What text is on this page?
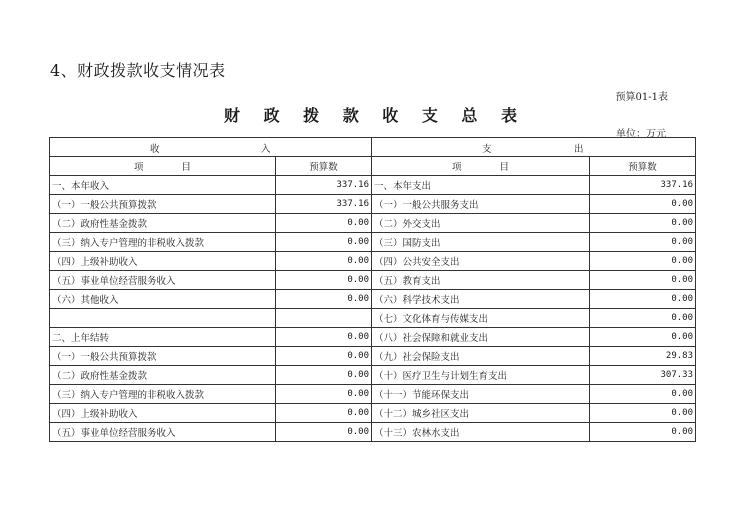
4、财政拨款收支情况表
预算01-1表
财 政 拨 款 收 支 总 表
单位：万元
收 入		支 出	

项　　　　目	预算数	项　　　　目	预算数
一、本年收入	337.16	一、本年支出	337.16
（一）一般公共预算拨款	337.16	（一）一般公共服务支出	0.00
（二）政府性基金拨款	0.00	（二）外交支出	0.00
（三）纳入专户管理的非税收入拨款	0.00	（三）国防支出	0.00
（四）上级补助收入	0.00	（四）公共安全支出	0.00
（五）事业单位经营服务收入	0.00	（五）教育支出	0.00
（六）其他收入	0.00	（六）科学技术支出	0.00
		（七）文化体育与传媒支出	0.00
二、上年结转	0.00	（八）社会保障和就业支出	0.00
（一）一般公共预算拨款	0.00	（九）社会保险支出	29.83
（二）政府性基金拨款	0.00	（十）医疗卫生与计划生育支出	307.33
（三）纳入专户管理的非税收入拨款	0.00	（十一）节能环保支出	0.00
（四）上级补助收入	0.00	（十二）城乡社区支出	0.00
（五）事业单位经营服务收入	0.00	（十三）农林水支出	0.00
